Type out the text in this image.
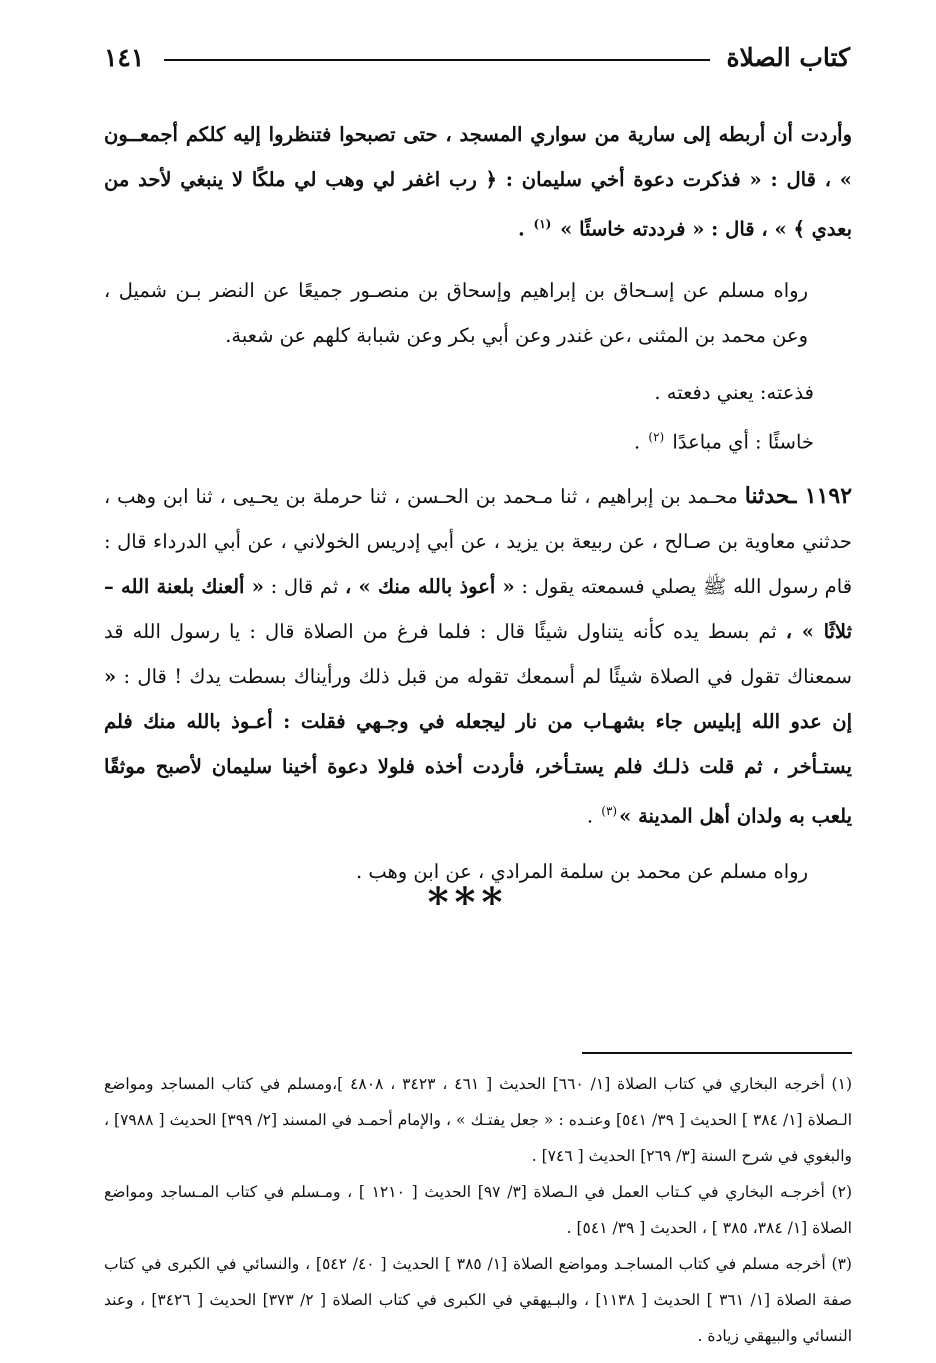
كتاب الصلاة
١٤١

وأردت أن أربطه إلى سارية من سواري المسجد ، حتى تصبحوا فتنظروا إليه كلكم أجمعــون » ، قال : « فذكرت دعوة أخي سليمان : ﴿ رب اغفر لي وهب لي ملكًا لا ينبغي لأحد من بعدي ﴾ » ، قال : « فرددته خاسئًا » $^{(١)}$ .

رواه مسلم عن إسـحاق بن إبراهيم وإسحاق بن منصـور جميعًا عن النضر بـن شميل ، وعن محمد بن المثنى ،عن غندر وعن أبي بكر وعن شبابة كلهم عن شعبة.

فذعته: يعني دفعته .

خاسئًا : أي مباعدًا $^{(٢)}$ .

١١٩٢ ـحدثنا محـمد بن إبراهيم ، ثنا مـحمد بن الحـسن ، ثنا حرملة بن يحـيى ، ثنا ابن وهب ، حدثني معاوية بن صـالح ، عن ربيعة بن يزيد ، عن أبي إدريس الخولاني ، عن أبي الدرداء قال : قام رسول الله ﷺ يصلي فسمعته يقول : « أعوذ بالله منك » ، ثم قال : « ألعنك بلعنة الله – ثلاثًا » ، ثم بسط يده كأنه يتناول شيئًا قال : فلما فرغ من الصلاة قال : يا رسول الله قد سمعناك تقول في الصلاة شيئًا لم أسمعك تقوله من قبل ذلك ورأيناك بسطت يدك ! قال : « إن عدو الله إبليس جاء بشهـاب من نار ليجعله في وجـهي فقلت : أعـوذ بالله منك فلم يستـأخر ، ثم قلت ذلـك فلم يستـأخر، فأردت أخذه فلولا دعوة أخينا سليمان لأصبح موثقًا يلعب به ولدان أهل المدينة »$^{(٣)}$ .

رواه مسلم عن محمد بن سلمة المرادي ، عن ابن وهب .

***

(١) أخرجه البخاري في كتاب الصلاة [١/ ٦٦٠] الحديث [ ٤٦١ ، ٣٤٢٣ ، ٤٨٠٨ ]،ومسلم في كتاب المساجد ومواضع الـصلاة [١/ ٣٨٤ ] الحديث [ ٣٩/ ٥٤١] وعنـده : « جعل يفتـك » ، والإمام أحمـد في المسند [٢/ ٣٩٩] الحديث [ ٧٩٨٨] ، والبغوي في شرح السنة [٣/ ٢٦٩] الحديث [ ٧٤٦] .

(٢) أخرجـه البخاري في كـتاب العمل في الـصلاة [٣/ ٩٧] الحديث [ ١٢١٠ ] ، ومـسلم في كتاب المـساجد ومواضع الصلاة [١/ ٣٨٤، ٣٨٥ ] ، الحديث [ ٣٩/ ٥٤١] .

(٣) أخرجه مسلم في كتاب المساجـد ومواضع الصلاة [١/ ٣٨٥ ] الحديث [ ٤٠/ ٥٤٢] ، والنسائي في الكبرى في كتاب صفة الصلاة [١/ ٣٦١ ] الحديث [ ١١٣٨] ، والبـيهقي في الكبرى في كتاب الصلاة [ ٢/ ٣٧٣] الحديث [ ٣٤٢٦] ، وعند النسائي والبيهقي زيادة .
